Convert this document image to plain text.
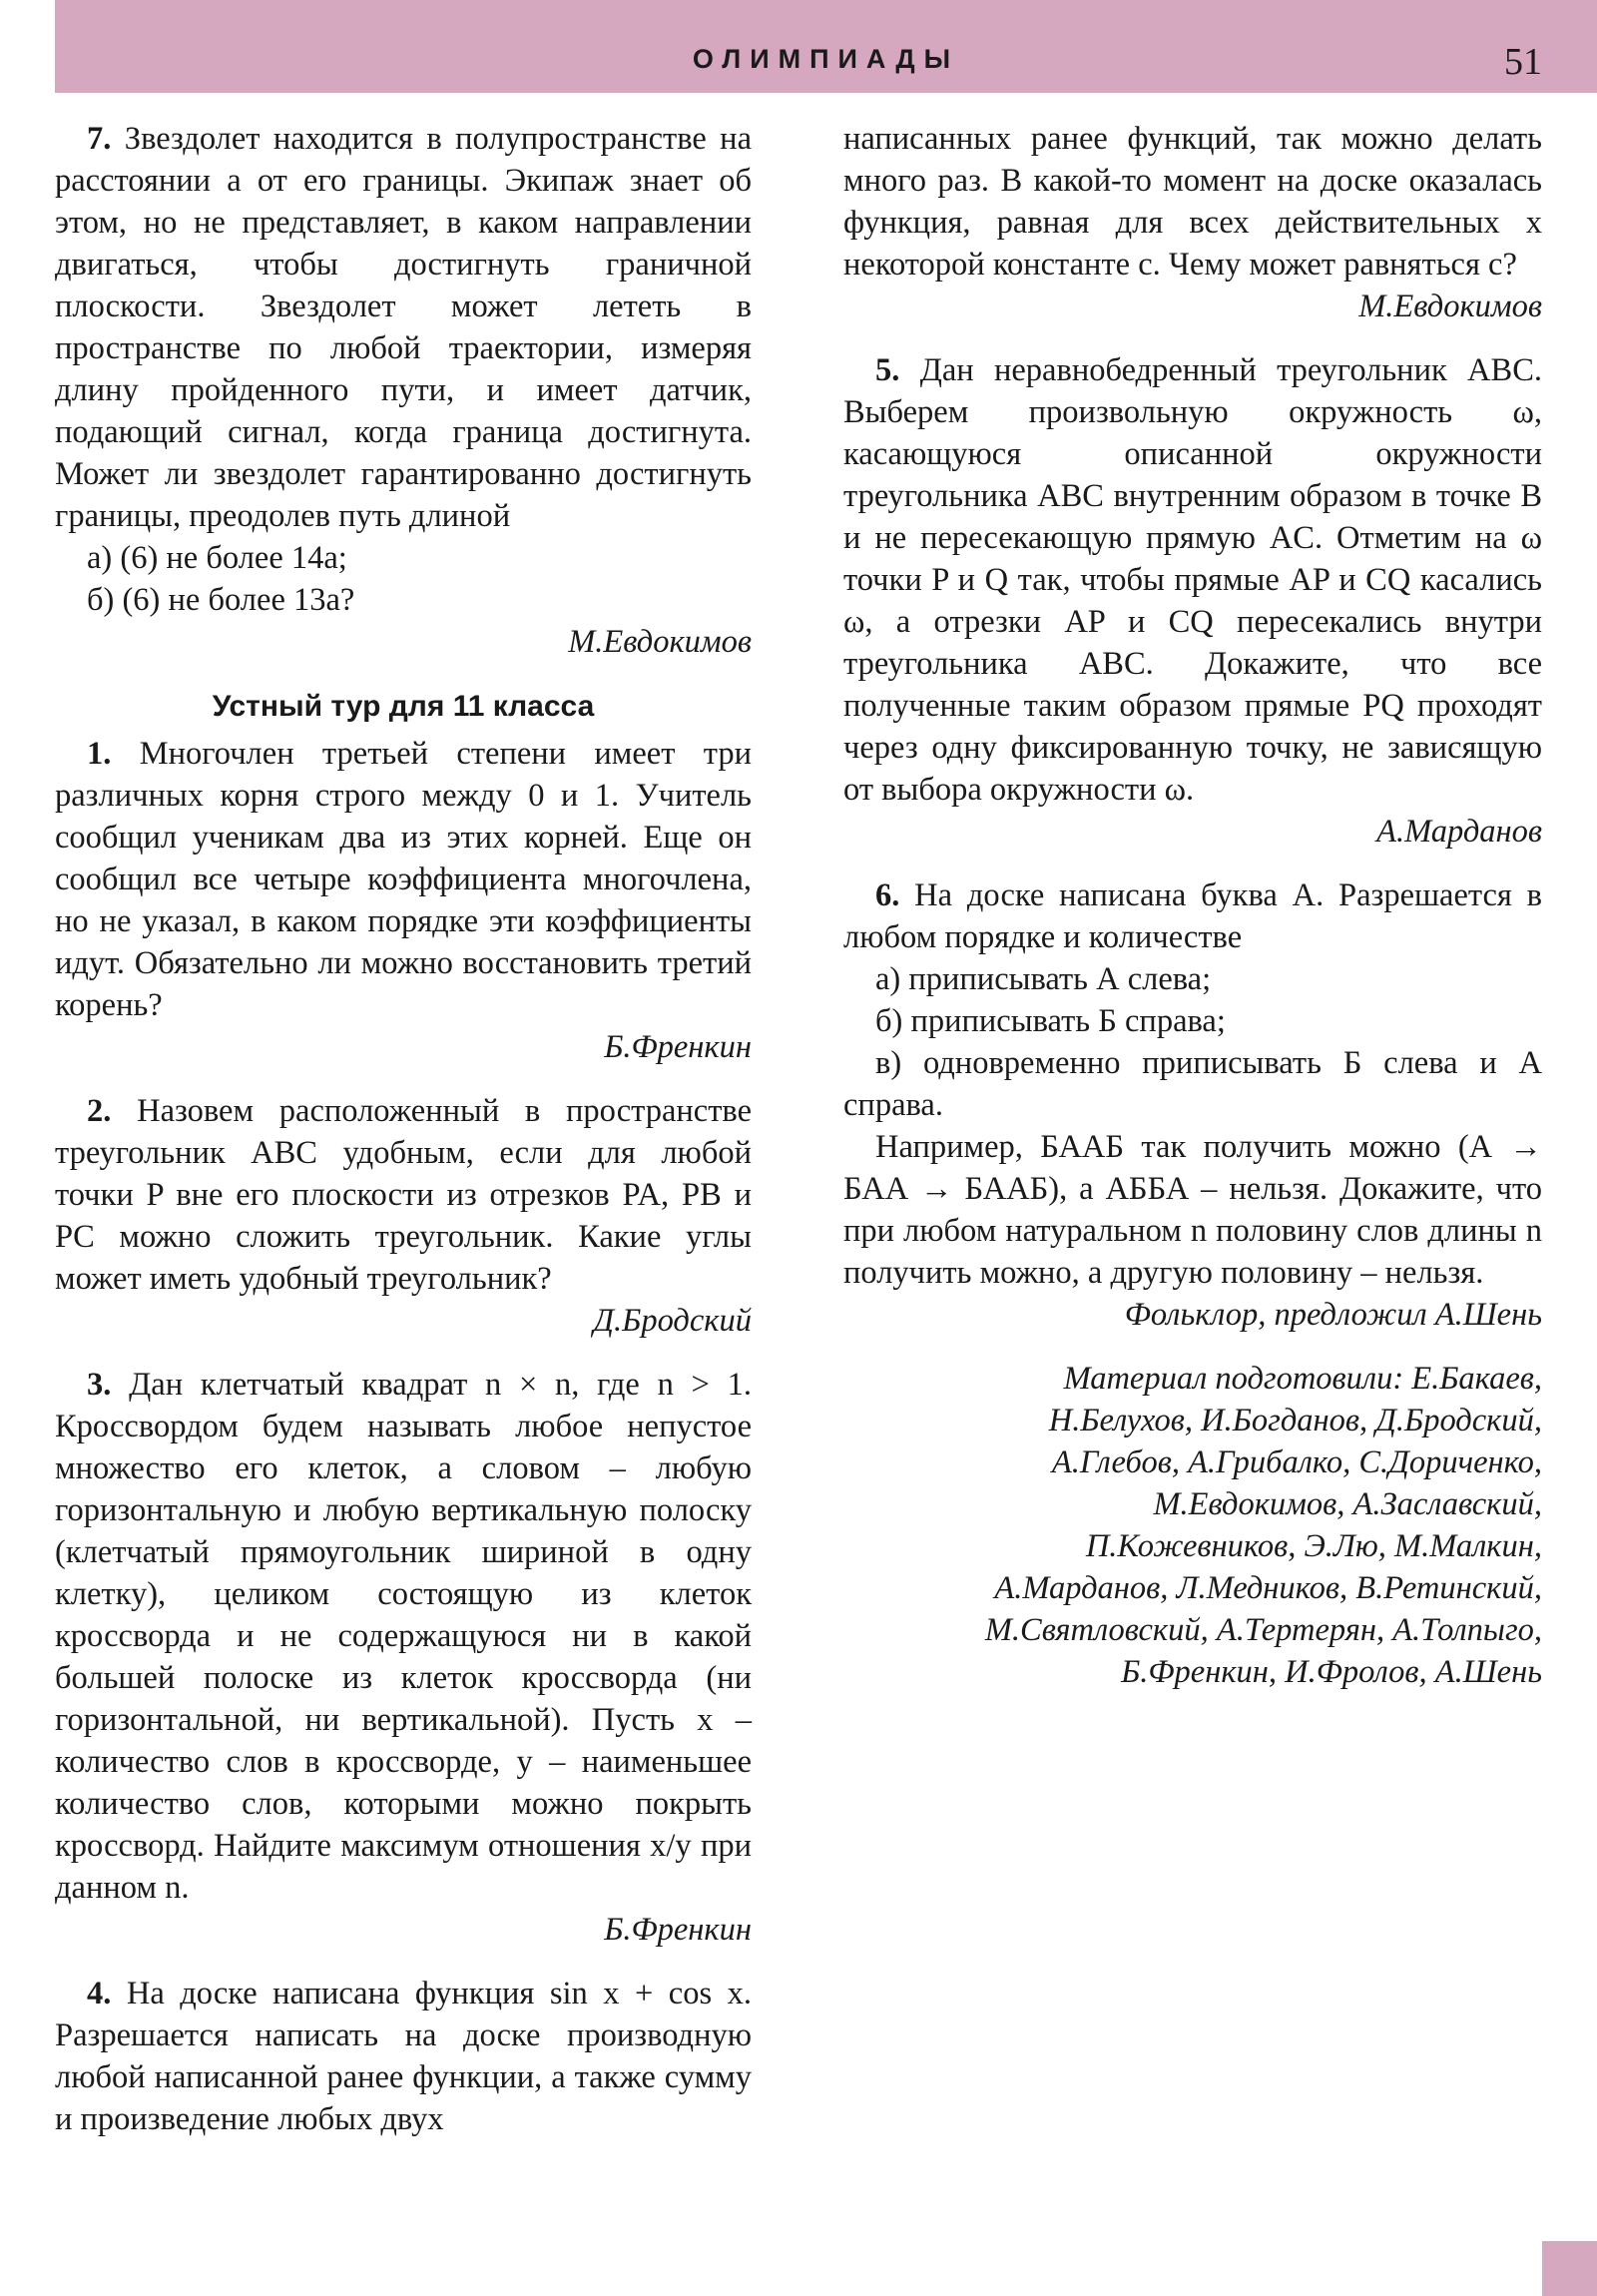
ОЛИМПИАДЫ	51

7. Звездолет находится в полупространстве на расстоянии a от его границы. Экипаж знает об этом, но не представляет, в каком направлении двигаться, чтобы достигнуть граничной плоскости. Звездолет может лететь в пространстве по любой траектории, измеряя длину пройденного пути, и имеет датчик, подающий сигнал, когда граница достигнута. Может ли звездолет гарантированно достигнуть границы, преодолев путь длиной

а) (6) не более 14a;

б) (6) не более 13a?

М.Евдокимов

Устный тур для 11 класса

1. Многочлен третьей степени имеет три различных корня строго между 0 и 1. Учитель сообщил ученикам два из этих корней. Еще он сообщил все четыре коэффициента многочлена, но не указал, в каком порядке эти коэффициенты идут. Обязательно ли можно восстановить третий корень?

Б.Френкин

2. Назовем расположенный в пространстве треугольник ABC удобным, если для любой точки P вне его плоскости из отрезков PA, PB и PC можно сложить треугольник. Какие углы может иметь удобный треугольник?

Д.Бродский

3. Дан клетчатый квадрат n × n, где n > 1. Кроссвордом будем называть любое непустое множество его клеток, а словом – любую горизонтальную и любую вертикальную полоску (клетчатый прямоугольник шириной в одну клетку), целиком состоящую из клеток кроссворда и не содержащуюся ни в какой большей полоске из клеток кроссворда (ни горизонтальной, ни вертикальной). Пусть x – количество слов в кроссворде, y – наименьшее количество слов, которыми можно покрыть кроссворд. Найдите максимум отношения x/y при данном n.

Б.Френкин

4. На доске написана функция sin x + cos x. Разрешается написать на доске производную любой написанной ранее функции, а также сумму и произведение любых двух

написанных ранее функций, так можно делать много раз. В какой-то момент на доске оказалась функция, равная для всех действительных x некоторой константе c. Чему может равняться c?

М.Евдокимов

5. Дан неравнобедренный треугольник ABC. Выберем произвольную окружность ω, касающуюся описанной окружности треугольника ABC внутренним образом в точке B и не пересекающую прямую AC. Отметим на ω точки P и Q так, чтобы прямые AP и CQ касались ω, а отрезки AP и CQ пересекались внутри треугольника ABC. Докажите, что все полученные таким образом прямые PQ проходят через одну фиксированную точку, не зависящую от выбора окружности ω.

А.Марданов

6. На доске написана буква А. Разрешается в любом порядке и количестве

а) приписывать А слева;

б) приписывать Б справа;

в) одновременно приписывать Б слева и А справа.

Например, БААБ так получить можно (А → БАА → БААБ), а АББА – нельзя. Докажите, что при любом натуральном n половину слов длины n получить можно, а другую половину – нельзя.

Фольклор, предложил А.Шень

Материал подготовили: Е.Бакаев,
Н.Белухов, И.Богданов, Д.Бродский,
А.Глебов, А.Грибалко, С.Дориченко,
М.Евдокимов, А.Заславский,
П.Кожевников, Э.Лю, М.Малкин,
А.Марданов, Л.Медников, В.Ретинский,
М.Святловский, А.Тертерян, А.Толпыго,
Б.Френкин, И.Фролов, А.Шень
